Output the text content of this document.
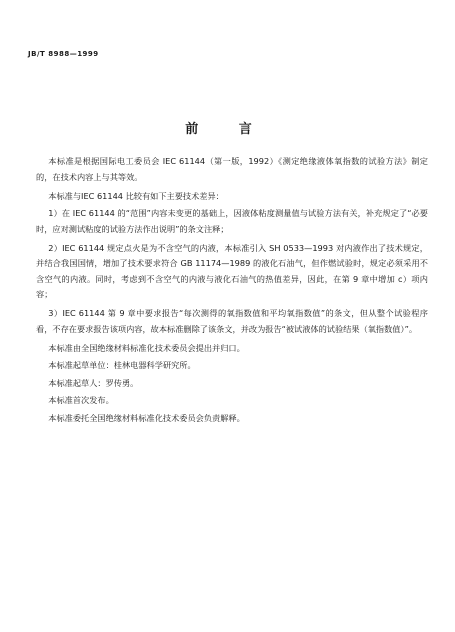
JB/T 8988—1999
前 言

本标准是根据国际电工委员会 IEC 61144（第一版，1992）《测定绝缘液体氧指数的试验方法》制定的，在技术内容上与其等效。

本标准与IEC 61144 比较有如下主要技术差异：

1）在 IEC 61144 的“范围”内容未变更的基础上，因液体粘度测量值与试验方法有关，补充规定了“必要时，应对测试粘度的试验方法作出说明”的条文注释；

2）IEC 61144 规定点火是为不含空气的内液，本标准引入 SH 0533—1993 对内液作出了技术规定，并结合我国国情，增加了技术要求符合 GB 11174—1989 的液化石油气，但作燃试验时，规定必须采用不含空气的内液。同时，考虑到不含空气的内液与液化石油气的热值差异，因此，在第 9 章中增加 c）项内容；

3）IEC 61144 第 9 章中要求报告“每次测得的氧指数值和平均氧指数值”的条文，但从整个试验程序看，不存在要求报告该项内容，故本标准删除了该条文，并改为报告“被试液体的试验结果（氧指数值）”。

本标准由全国绝缘材料标准化技术委员会提出并归口。

本标准起草单位：桂林电器科学研究所。

本标准起草人：罗传勇。

本标准首次发布。

本标准委托全国绝缘材料标准化技术委员会负责解释。
